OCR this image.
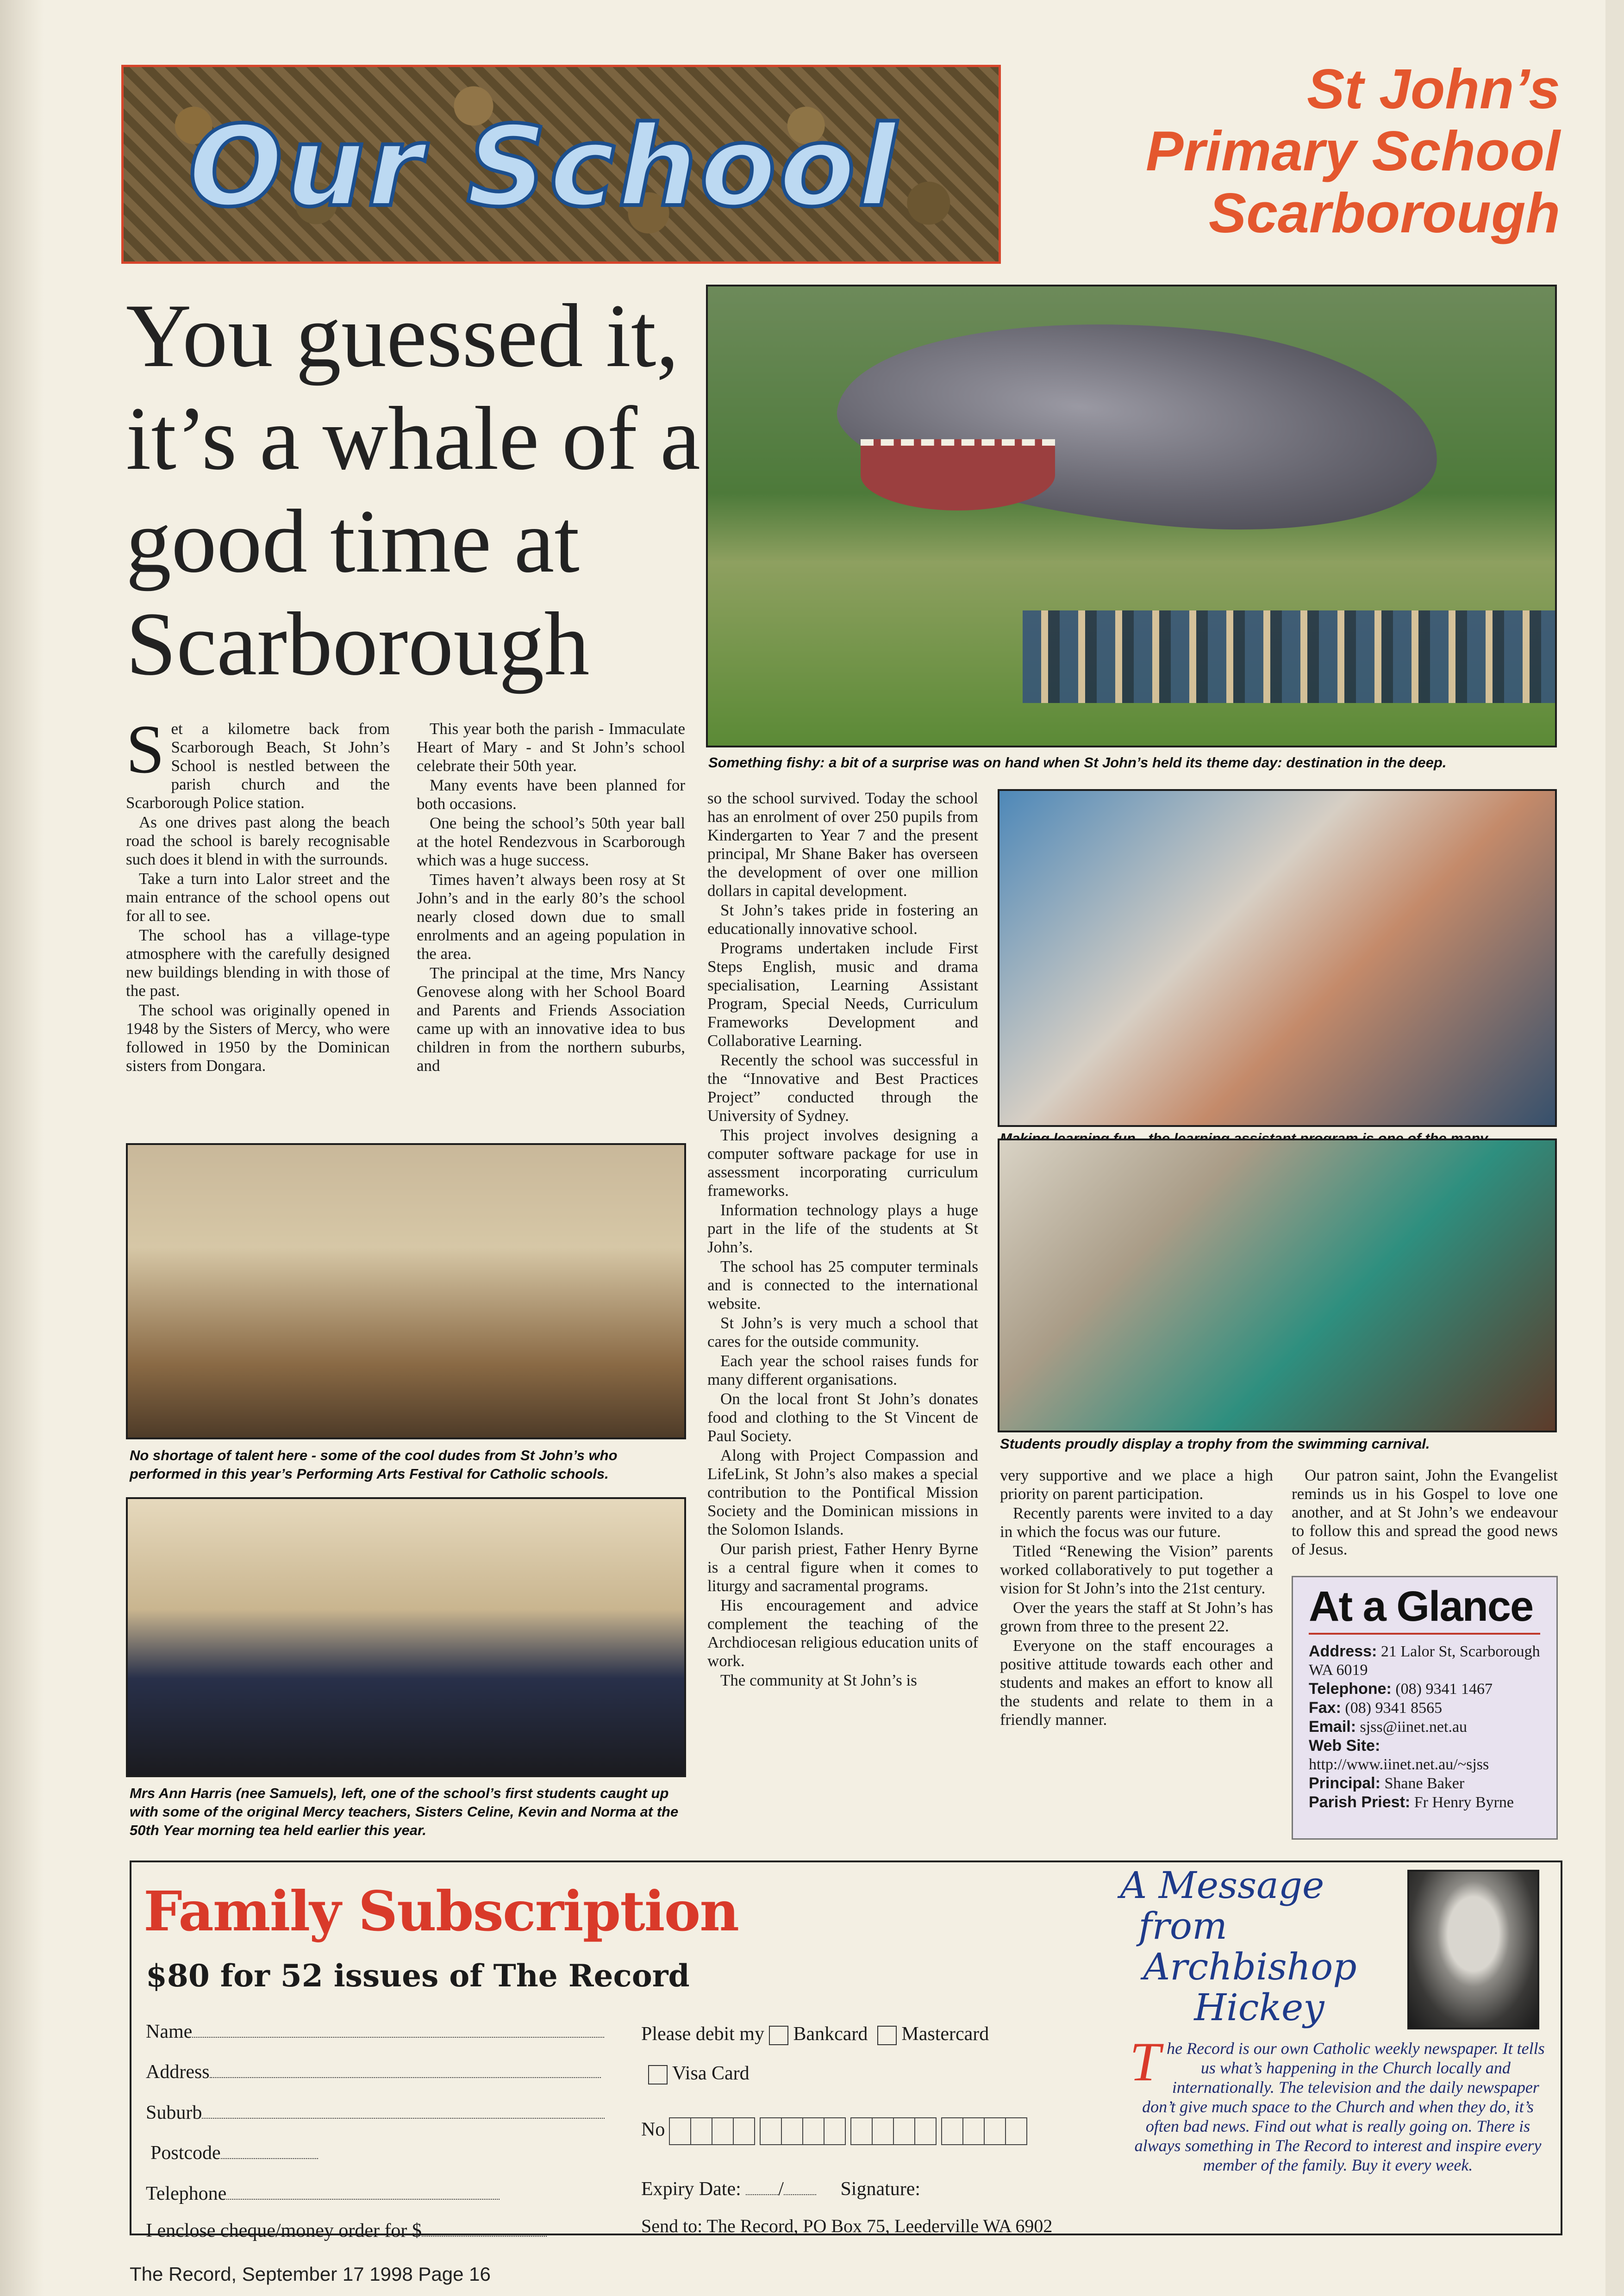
Our School
St John’s
Primary School
Scarborough
You guessed it, it’s a whale of a good time at Scarborough
Something fishy: a bit of a surprise was on hand when St John’s held its theme day: destination in the deep.

Set a kilometre back from Scarborough Beach, St John’s School is nestled between the parish church and the Scarborough Police station.

As one drives past along the beach road the school is barely recognisable such does it blend in with the surrounds.

Take a turn into Lalor street and the main entrance of the school opens out for all to see.

The school has a village-type atmosphere with the carefully designed new buildings blending in with those of the past.

The school was originally opened in 1948 by the Sisters of Mercy, who were followed in 1950 by the Dominican sisters from Dongara.

This year both the parish - Immaculate Heart of Mary - and St John’s school celebrate their 50th year.

Many events have been planned for both occasions.

One being the school’s 50th year ball at the hotel Rendezvous in Scarborough which was a huge success.

Times haven’t always been rosy at St John’s and in the early 80’s the school nearly closed down due to small enrolments and an ageing population in the area.

The principal at the time, Mrs Nancy Genovese along with her School Board and Parents and Friends Association came up with an innovative idea to bus children in from the northern suburbs, and

so the school survived. Today the school has an enrolment of over 250 pupils from Kindergarten to Year 7 and the present principal, Mr Shane Baker has overseen the development of over one million dollars in capital development.

St John’s takes pride in fostering an educationally innovative school.

Programs undertaken include First Steps English, music and drama specialisation, Learning Assistant Program, Special Needs, Curriculum Frameworks Development and Collaborative Learning.

Recently the school was successful in the “Innovative and Best Practices Project” conducted through the University of Sydney.

This project involves designing a computer software package for use in assessment incorporating curriculum frameworks.

Information technology plays a huge part in the life of the students at St John’s.

The school has 25 computer terminals and is connected to the international website.

St John’s is very much a school that cares for the outside community.

Each year the school raises funds for many different organisations.

On the local front St John’s donates food and clothing to the St Vincent de Paul Society.

Along with Project Compassion and LifeLink, St John’s also makes a special contribution to the Pontifical Mission Society and the Dominican missions in the Solomon Islands.

Our parish priest, Father Henry Byrne is a central figure when it comes to liturgy and sacramental programs.

His encouragement and advice complement the teaching of the Archdiocesan religious education units of work.

The community at St John’s is

No shortage of talent here - some of the cool dudes from St John’s who performed in this year’s Performing Arts Festival for Catholic schools.
Students proudly display a trophy from the swimming carnival.

very supportive and we place a high priority on parent participation.

Recently parents were invited to a day in which the focus was our future.

Titled “Renewing the Vision” parents worked collaboratively to put together a vision for St John’s into the 21st century.

Over the years the staff at St John’s has grown from three to the present 22.

Everyone on the staff encourages a positive attitude towards each other and students and makes an effort to know all the students and relate to them in a friendly manner.

Our patron saint, John the Evangelist reminds us in his Gospel to love one another, and at St John’s we endeavour to follow this and spread the good news of Jesus.

Mrs Ann Harris (nee Samuels), left, one of the school’s first students caught up with some of the original Mercy teachers, Sisters Celine, Kevin and Norma at the 50th Year morning tea held earlier this year.
At a Glance
Address: 21 Lalor St, Scarborough WA 6019
Telephone: (08) 9341 1467
Fax: (08) 9341 8565
Email: sjss@iinet.net.au
Web Site:
http://www.iinet.net.au/~sjss
Principal: Shane Baker
Parish Priest: Fr Henry Byrne
Family Subscription
$80 for 52 issues of The Record
Name
Address
Suburb
Postcode
Telephone
I enclose cheque/money order for $
Please debit my Bankcard Mastercard
Visa Card
No
Expiry Date: /	Signature:
Send to: The Record, PO Box 75, Leederville WA 6902
A Message
from
Archbishop
Hickey
The Record is our own Catholic weekly newspaper. It tells us what’s happening in the Church locally and internationally. The television and the daily newspaper don’t give much space to the Church and when they do, it’s often bad news. Find out what is really going on. There is always something in The Record to interest and inspire every member of the family. Buy it every week.
The Record, September 17 1998 Page 16
